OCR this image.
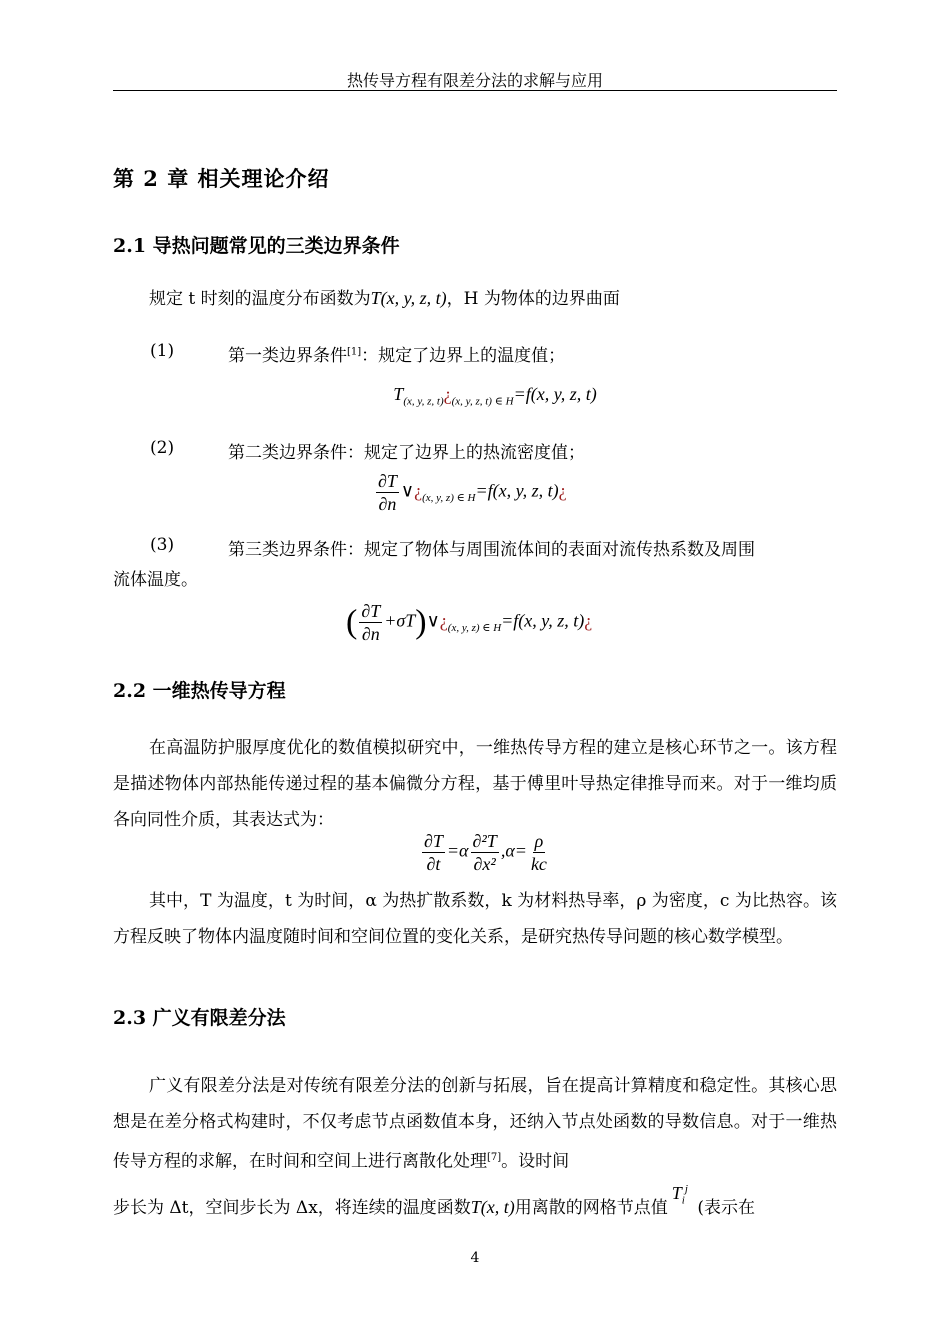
热传导方程有限差分法的求解与应用
第 2 章 相关理论介绍
2.1 导热问题常见的三类边界条件

规定 t 时刻的温度分布函数为T(x, y, z, t)，H 为物体的边界曲面

(1)	第一类边界条件[1]：规定了边界上的温度值；
$T_{(x, y, z, t)}¿_{(x, y, z, t) \in H}=f(x$, y, z, t)
(2)	第二类边界条件：规定了边界上的热流密度值；
$\frac{\partial T}{\partial n}$ $\vee¿_{(x, y, z) \in H}=f(x$, y, z, t)¿
(3)	第三类边界条件：规定了物体与周围流体间的表面对流传热系数及周围

流体温度。

( $\frac{\partial T}{\partial n}$ $+\sigma T)\vee¿_{(x, y, z) \in H}=f(x$, y, z, t)¿
2.2 一维热传导方程

在高温防护服厚度优化的数值模拟研究中，一维热传导方程的建立是核心环节之一。该方程是描述物体内部热能传递过程的基本偏微分方程，基于傅里叶导热定律推导而来。对于一维均质各向同性介质，其表达式为：

$\frac{\partial T}{\partial t} =\alpha \frac{\text{∂²T}}{\text{∂x²}} ,\alpha= \frac{\rho}{kc}$

其中，T 为温度，t 为时间，α 为热扩散系数，k 为材料热导率，ρ 为密度，c 为比热容。该方程反映了物体内温度随时间和空间位置的变化关系，是研究热传导问题的核心数学模型。

2.3 广义有限差分法

广义有限差分法是对传统有限差分法的创新与拓展，旨在提高计算精度和稳定性。其核心思想是在差分格式构建时，不仅考虑节点函数值本身，还纳入节点处函数的导数信息。对于一维热传导方程的求解，在时间和空间上进行离散化处理[7]。设时间

步长为 Δt，空间步长为 Δx，将连续的温度函数T(x, t)用离散的网格节点值$T_i^j$ (表示在

4
